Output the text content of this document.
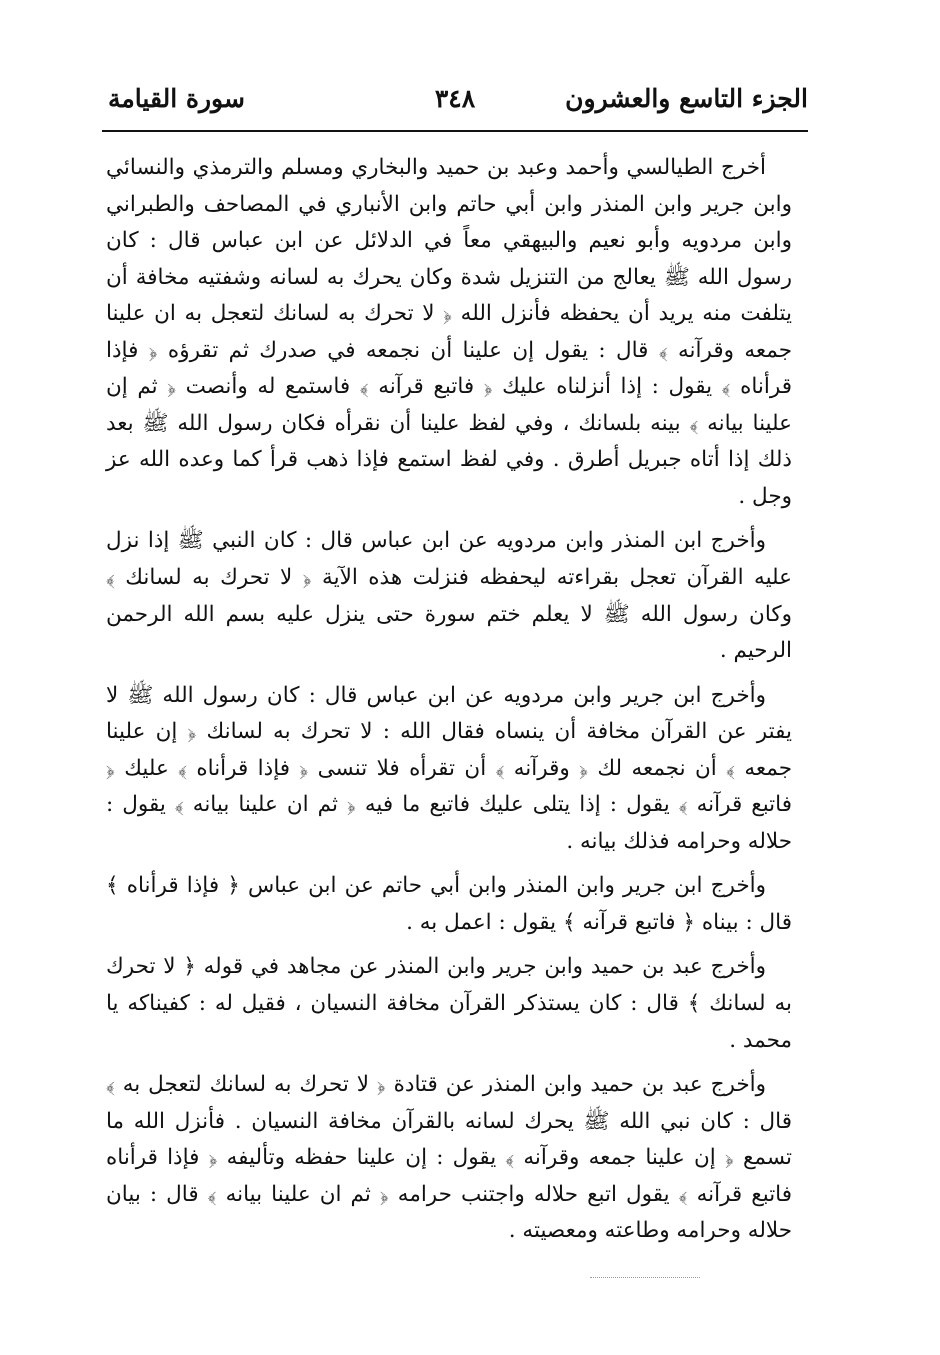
الجزء التاسع والعشرون
٣٤٨
سورة القيامة

أخرج الطيالسي وأحمد وعبد بن حميد والبخاري ومسلم والترمذي والنسائي وابن جرير وابن المنذر وابن أبي حاتم وابن الأنباري في المصاحف والطبراني وابن مردويه وأبو نعيم والبيهقي معاً في الدلائل عن ابن عباس قال : كان رسول الله ﷺ يعالج من التنزيل شدة وكان يحرك به لسانه وشفتيه مخافة أن يتلفت منه يريد أن يحفظه فأنزل الله ﴿ لا تحرك به لسانك لتعجل به ان علينا جمعه وقرآنه ﴾ قال : يقول إن علينا أن نجمعه في صدرك ثم تقرؤه ﴿ فإذا قرأناه ﴾ يقول : إذا أنزلناه عليك ﴿ فاتبع قرآنه ﴾ فاستمع له وأنصت ﴿ ثم إن علينا بيانه ﴾ بينه بلسانك ، وفي لفظ علينا أن نقرأه فكان رسول الله ﷺ بعد ذلك إذا أتاه جبريل أطرق . وفي لفظ استمع فإذا ذهب قرأ كما وعده الله عز وجل .

وأخرج ابن المنذر وابن مردويه عن ابن عباس قال : كان النبي ﷺ إذا نزل عليه القرآن تعجل بقراءته ليحفظه فنزلت هذه الآية ﴿ لا تحرك به لسانك ﴾ وكان رسول الله ﷺ لا يعلم ختم سورة حتى ينزل عليه بسم الله الرحمن الرحيم .

وأخرج ابن جرير وابن مردويه عن ابن عباس قال : كان رسول الله ﷺ لا يفتر عن القرآن مخافة أن ينساه فقال الله : لا تحرك به لسانك ﴿ إن علينا جمعه ﴾ أن نجمعه لك ﴿ وقرآنه ﴾ أن تقرأه فلا تنسى ﴿ فإذا قرأناه ﴾ عليك ﴿ فاتبع قرآنه ﴾ يقول : إذا يتلى عليك فاتبع ما فيه ﴿ ثم ان علينا بيانه ﴾ يقول : حلاله وحرامه فذلك بيانه .

وأخرج ابن جرير وابن المنذر وابن أبي حاتم عن ابن عباس ﴿ فإذا قرأناه ﴾ قال : بيناه ﴿ فاتبع قرآنه ﴾ يقول : اعمل به .

وأخرج عبد بن حميد وابن جرير وابن المنذر عن مجاهد في قوله ﴿ لا تحرك به لسانك ﴾ قال : كان يستذكر القرآن مخافة النسيان ، فقيل له : كفيناكه يا محمد .

وأخرج عبد بن حميد وابن المنذر عن قتادة ﴿ لا تحرك به لسانك لتعجل به ﴾ قال : كان نبي الله ﷺ يحرك لسانه بالقرآن مخافة النسيان . فأنزل الله ما تسمع ﴿ إن علينا جمعه وقرآنه ﴾ يقول : إن علينا حفظه وتأليفه ﴿ فإذا قرأناه فاتبع قرآنه ﴾ يقول اتبع حلاله واجتنب حرامه ﴿ ثم ان علينا بيانه ﴾ قال : بيان حلاله وحرامه وطاعته ومعصيته .
